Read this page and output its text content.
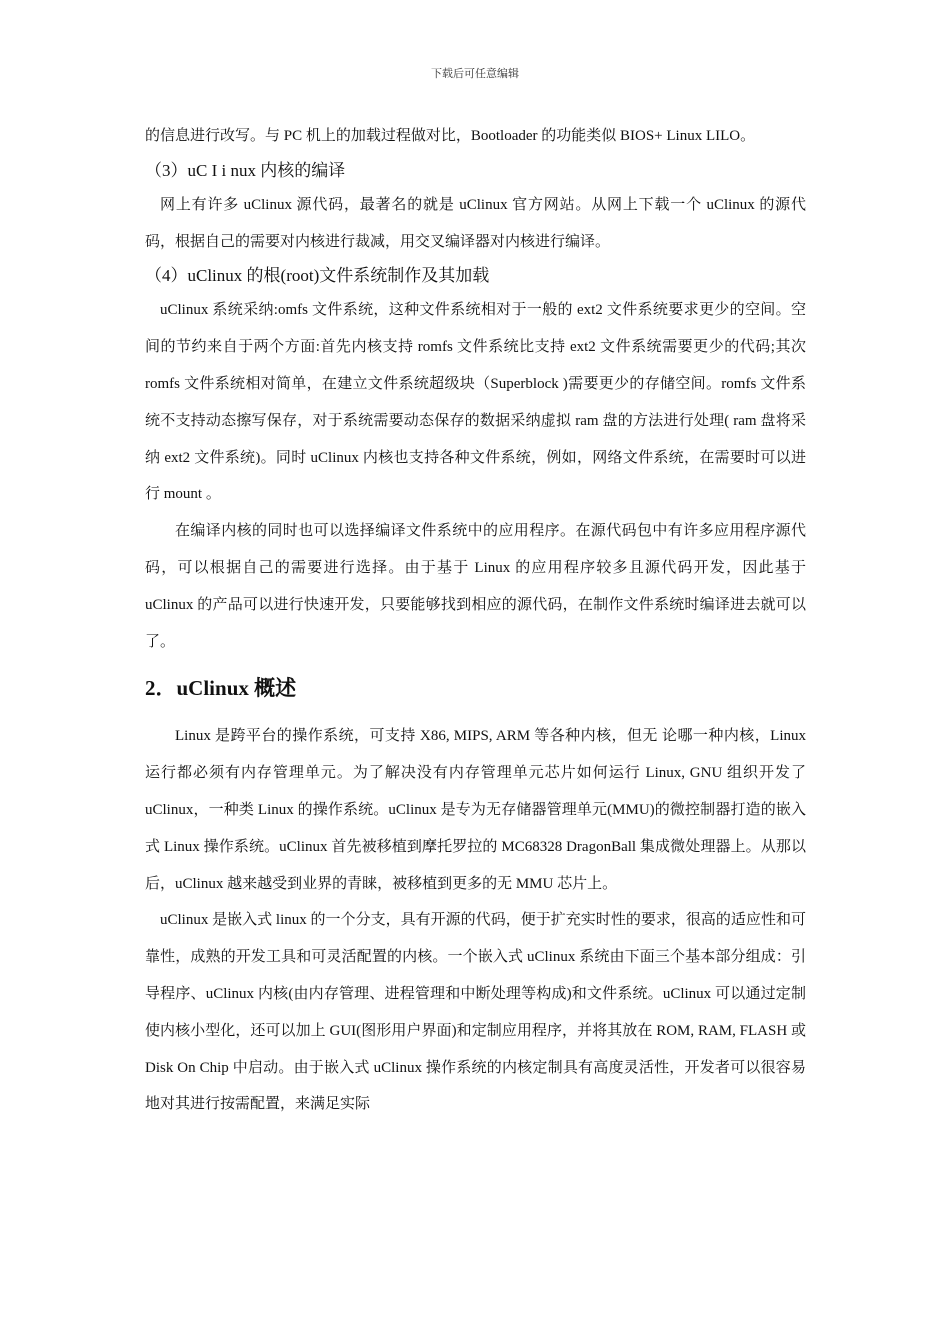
下载后可任意编辑

的信息进行改写。与 PC 机上的加载过程做对比，Bootloader 的功能类似 BIOS+ Linux LILO。

（3）uC I i nux 内核的编译

网上有许多 uClinux 源代码，最著名的就是 uClinux 官方网站。从网上下载一个 uClinux 的源代码，根据自己的需要对内核进行裁减，用交叉编译器对内核进行编译。

（4）uClinux 的根(root)文件系统制作及其加载

uClinux 系统采纳:omfs 文件系统，这种文件系统相对于一般的 ext2 文件系统要求更少的空间。空间的节约来自于两个方面:首先内核支持 romfs 文件系统比支持 ext2 文件系统需要更少的代码;其次 romfs 文件系统相对简单，在建立文件系统超级块（Superblock )需要更少的存储空间。romfs 文件系统不支持动态擦写保存，对于系统需要动态保存的数据采纳虚拟 ram 盘的方法进行处理( ram 盘将采纳 ext2 文件系统)。同时 uClinux 内核也支持各种文件系统，例如，网络文件系统，在需要时可以进行 mount 。

在编译内核的同时也可以选择编译文件系统中的应用程序。在源代码包中有许多应用程序源代码，可以根据自己的需要进行选择。由于基于 Linux 的应用程序较多且源代码开发，因此基于 uClinux 的产品可以进行快速开发，只要能够找到相应的源代码，在制作文件系统时编译进去就可以了。

2．uClinux 概述

Linux 是跨平台的操作系统，可支持 X86, MIPS, ARM 等各种内核，但无 论哪一种内核，Linux 运行都必须有内存管理单元。为了解决没有内存管理单元芯片如何运行 Linux, GNU 组织开发了 uClinux，一种类 Linux 的操作系统。uClinux 是专为无存储器管理单元(MMU)的微控制器打造的嵌入式 Linux 操作系统。uClinux 首先被移植到摩托罗拉的 MC68328 DragonBall 集成微处理器上。从那以后，uClinux 越来越受到业界的青睐，被移植到更多的无 MMU 芯片上。

uClinux 是嵌入式 linux 的一个分支，具有开源的代码，便于扩充实时性的要求，很高的适应性和可靠性，成熟的开发工具和可灵活配置的内核。一个嵌入式 uClinux 系统由下面三个基本部分组成：引导程序、uClinux 内核(由内存管理、进程管理和中断处理等构成)和文件系统。uClinux 可以通过定制使内核小型化，还可以加上 GUI(图形用户界面)和定制应用程序，并将其放在 ROM, RAM, FLASH 或 Disk On Chip 中启动。由于嵌入式 uClinux 操作系统的内核定制具有高度灵活性，开发者可以很容易地对其进行按需配置，来满足实际
